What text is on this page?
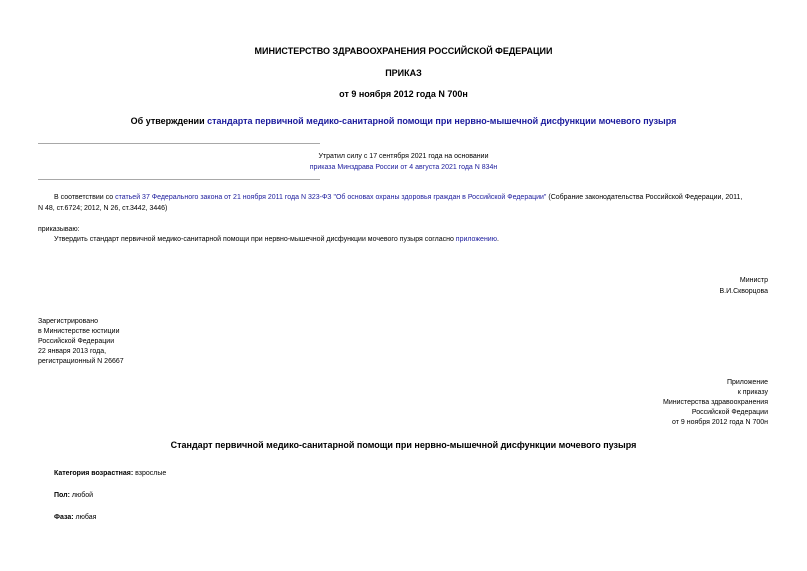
МИНИСТЕРСТВО ЗДРАВООХРАНЕНИЯ РОССИЙСКОЙ ФЕДЕРАЦИИ
ПРИКАЗ
от 9 ноября 2012 года N 700н
Об утверждении стандарта первичной медико-санитарной помощи при нервно-мышечной дисфункции мочевого пузыря
Утратил силу с 17 сентября 2021 года на основании
приказа Минздрава России от 4 августа 2021 года N 834н
В соответствии со статьей 37 Федерального закона от 21 ноября 2011 года N 323-ФЗ "Об основах охраны здоровья граждан в Российской Федерации" (Собрание законодательства Российской Федерации, 2011,
N 48, ст.6724; 2012, N 26, ст.3442, 3446)
приказываю:
Утвердить стандарт первичной медико-санитарной помощи при нервно-мышечной дисфункции мочевого пузыря согласно приложению.
Министр
В.И.Скворцова
Зарегистрировано
в Министерстве юстиции
Российской Федерации
22 января 2013 года,
регистрационный N 26667
Приложение
к приказу
Министерства здравоохранения
Российской Федерации
от 9 ноября 2012 года N 700н
Стандарт первичной медико-санитарной помощи при нервно-мышечной дисфункции мочевого пузыря
Категория возрастная: взрослые
Пол: любой
Фаза: любая
